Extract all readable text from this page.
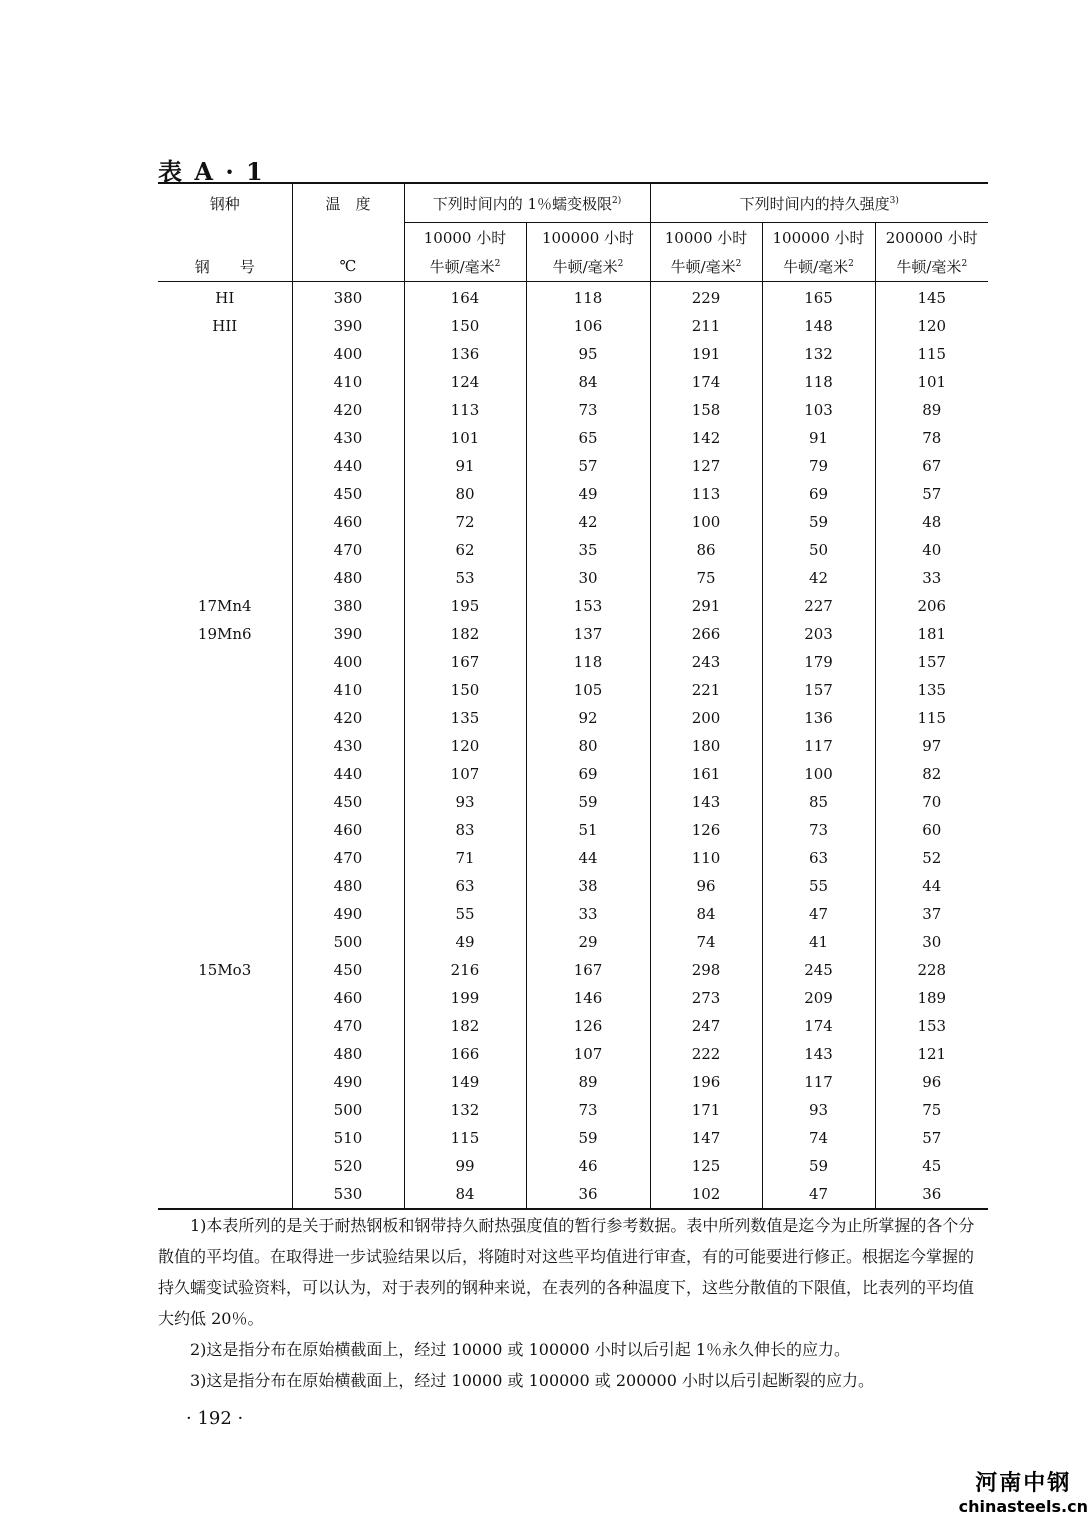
表 A · 1
钢种	温　度	下列时间内的 1％蠕变极限$^{2)}$		下列时间内的持久强度$^{3)}$
		10000 小时	100000 小时	10000 小时	100000 小时	200000 小时
钢　　号	℃	牛顿/毫米$^2$	牛顿/毫米$^2$	牛顿/毫米$^2$	牛顿/毫米$^2$	牛顿/毫米$^2$
HI	380	164	118	229	165	145
HII	390	150	106	211	148	120
	400	136	95	191	132	115
	410	124	84	174	118	101
	420	113	73	158	103	89
	430	101	65	142	91	78
	440	91	57	127	79	67
	450	80	49	113	69	57
	460	72	42	100	59	48
	470	62	35	86	50	40
	480	53	30	75	42	33
17Mn4	380	195	153	291	227	206
19Mn6	390	182	137	266	203	181
	400	167	118	243	179	157
	410	150	105	221	157	135
	420	135	92	200	136	115
	430	120	80	180	117	97
	440	107	69	161	100	82
	450	93	59	143	85	70
	460	83	51	126	73	60
	470	71	44	110	63	52
	480	63	38	96	55	44
	490	55	33	84	47	37
	500	49	29	74	41	30
15Mo3	450	216	167	298	245	228
	460	199	146	273	209	189
	470	182	126	247	174	153
	480	166	107	222	143	121
	490	149	89	196	117	96
	500	132	73	171	93	75
	510	115	59	147	74	57
	520	99	46	125	59	45
	530	84	36	102	47	36

1)本表所列的是关于耐热钢板和钢带持久耐热强度值的暂行参考数据。表中所列数值是迄今为止所掌握的各个分散值的平均值。在取得进一步试验结果以后，将随时对这些平均值进行审查，有的可能要进行修正。根据迄今掌握的持久蠕变试验资料，可以认为，对于表列的钢种来说，在表列的各种温度下，这些分散值的下限值，比表列的平均值大约低 20％。

2)这是指分布在原始横截面上，经过 10000 或 100000 小时以后引起 1％永久伸长的应力。

3)这是指分布在原始横截面上，经过 10000 或 100000 或 200000 小时以后引起断裂的应力。

· 192 ·
河南中钢
chinasteels.cn
